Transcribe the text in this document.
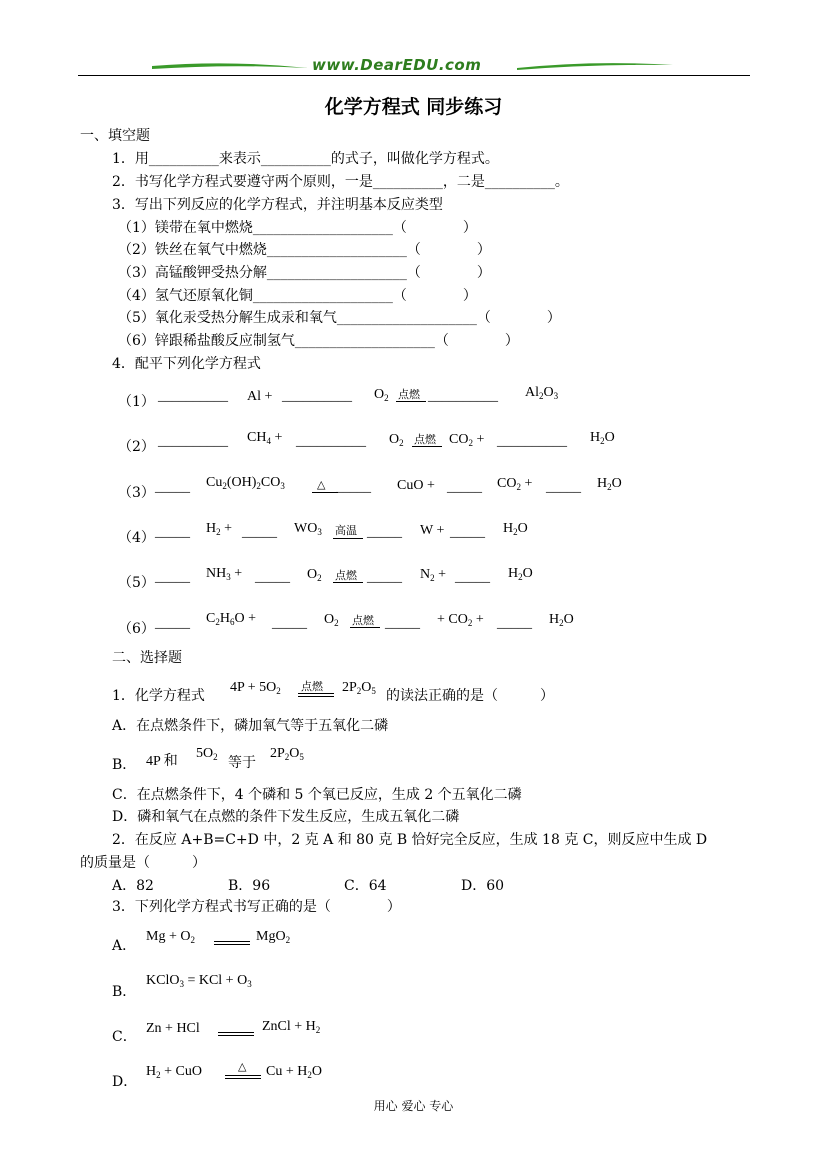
www.DearEDU.com
化学方程式 同步练习
一、填空题
1．用__________来表示__________的式子，叫做化学方程式。
2．书写化学方程式要遵守两个原则，一是__________，二是__________。
3．写出下列反应的化学方程式，并注明基本反应类型
（1）镁带在氧中燃烧____________________（　　　　）
（2）铁丝在氧气中燃烧____________________（　　　　）
（3）高锰酸钾受热分解____________________（　　　　）
（4）氢气还原氧化铜____________________（　　　　）
（5）氧化汞受热分解生成汞和氧气____________________（　　　　）
（6）锌跟稀盐酸反应制氢气____________________（　　　　）
4．配平下列化学方程式
（1） __________ Al + __________ $O_2$ 点燃 __________ $Al_2O_3$
（2） __________ $CH_4$ + __________ $O_2$ 点燃 $CO_2$ + __________ $H_2O$
（3） _____ $Cu_2(OH)_2CO_3$	△ _____ CuO + _____ $CO_2$ + _____ $H_2O$
（4） _____ $H_2$ + _____ $WO_3$ 高温 _____ W + _____ $H_2O$
（5） _____ $NH_3$ + _____ $O_2$ 点燃 _____ $N_2$ + _____ $H_2O$
（6） _____ $C_2H_6O$ + _____ $O_2$ 点燃 _____ + $CO_2$ + _____ $H_2O$
二、选择题
1．化学方程式
$4P + 5O_2$ 点燃 $2P_2O_5$ 的读法正确的是（　　　）
A．在点燃条件下，磷加氧气等于五氧化二磷
B． 4P 和
$5O_2$ 等于
$2P_2O_5$
C．在点燃条件下，4 个磷和 5 个氧已反应，生成 2 个五氧化二磷
D．磷和氧气在点燃的条件下发生反应，生成五氧化二磷
2．在反应 A+B=C+D 中，2 克 A 和 80 克 B 恰好完全反应，生成 18 克 C，则反应中生成 D
的质量是（　　　）
A．82	B．96	C．64	D．60
3．下列化学方程式书写正确的是（　　　　）
A．
$Mg + O_2$	MgO$_2$
B．
KClO$_3$ = KCl + $O_3$
C．
Zn + HCl	ZnCl + $H_2$
D．
$H_2$ + CuO	△ $Cu + H_2O$
用心 爱心 专心
